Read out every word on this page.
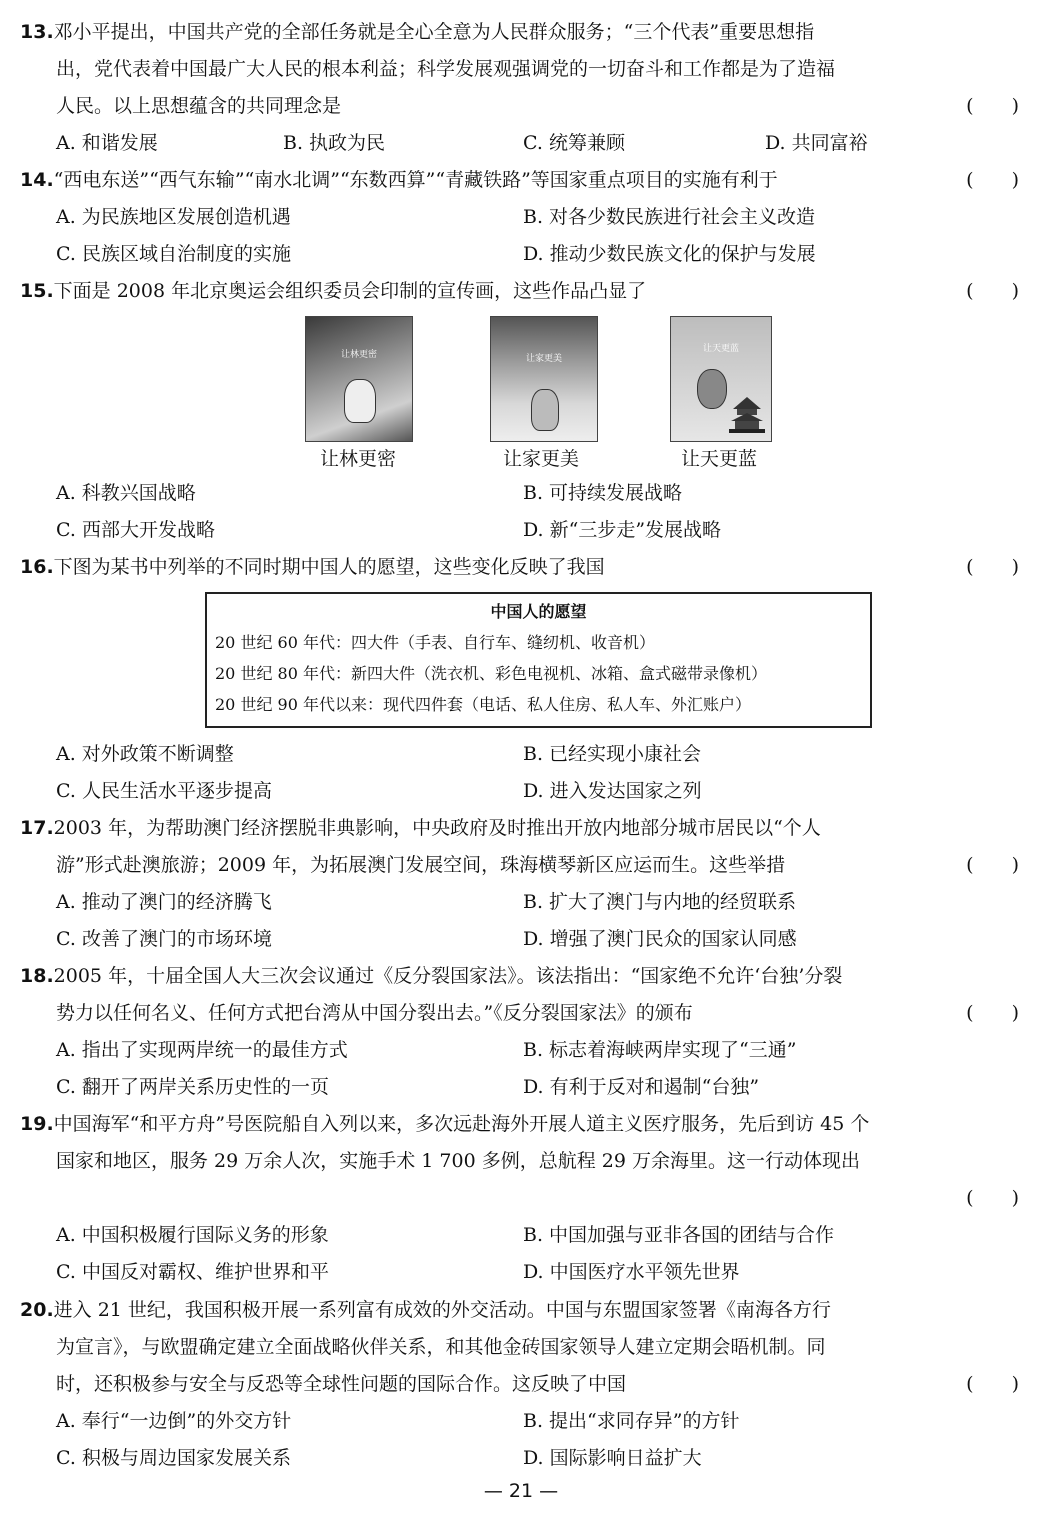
13.邓小平提出，中国共产党的全部任务就是全心全意为人民群众服务；“三个代表”重要思想指
出，党代表着中国最广大人民的根本利益；科学发展观强调党的一切奋斗和工作都是为了造福
人民。以上思想蕴含的共同理念是	(　　)
A. 和谐发展	B. 执政为民	C. 统筹兼顾	D. 共同富裕
14.“西电东送”“西气东输”“南水北调”“东数西算”“青藏铁路”等国家重点项目的实施有利于	(　　)
A. 为民族地区发展创造机遇	B. 对各少数民族进行社会主义改造
C. 民族区域自治制度的实施	D. 推动少数民族文化的保护与发展
15.下面是 2008 年北京奥运会组织委员会印制的宣传画，这些作品凸显了	(　　)
让林更密	让家更美
让天更蓝
让林更密	让家更美	让天更蓝
A. 科教兴国战略	B. 可持续发展战略
C. 西部大开发战略	D. 新“三步走”发展战略
16.下图为某书中列举的不同时期中国人的愿望，这些变化反映了我国	(　　)
中国人的愿望
20 世纪 60 年代：四大件（手表、自行车、缝纫机、收音机）
20 世纪 80 年代：新四大件（洗衣机、彩色电视机、冰箱、盒式磁带录像机）
20 世纪 90 年代以来：现代四件套（电话、私人住房、私人车、外汇账户）
A. 对外政策不断调整	B. 已经实现小康社会
C. 人民生活水平逐步提高	D. 进入发达国家之列
17.2003 年，为帮助澳门经济摆脱非典影响，中央政府及时推出开放内地部分城市居民以“个人
游”形式赴澳旅游；2009 年，为拓展澳门发展空间，珠海横琴新区应运而生。这些举措	(　　)
A. 推动了澳门的经济腾飞	B. 扩大了澳门与内地的经贸联系
C. 改善了澳门的市场环境	D. 增强了澳门民众的国家认同感
18.2005 年，十届全国人大三次会议通过《反分裂国家法》。该法指出：“国家绝不允许‘台独’分裂
势力以任何名义、任何方式把台湾从中国分裂出去。”《反分裂国家法》的颁布	(　　)
A. 指出了实现两岸统一的最佳方式	B. 标志着海峡两岸实现了“三通”
C. 翻开了两岸关系历史性的一页	D. 有利于反对和遏制“台独”
19.中国海军“和平方舟”号医院船自入列以来，多次远赴海外开展人道主义医疗服务，先后到访 45 个
国家和地区，服务 29 万余人次，实施手术 1 700 多例，总航程 29 万余海里。这一行动体现出
(　　)
A. 中国积极履行国际义务的形象	B. 中国加强与亚非各国的团结与合作
C. 中国反对霸权、维护世界和平	D. 中国医疗水平领先世界
20.进入 21 世纪，我国积极开展一系列富有成效的外交活动。中国与东盟国家签署《南海各方行
为宣言》，与欧盟确定建立全面战略伙伴关系，和其他金砖国家领导人建立定期会晤机制。同
时，还积极参与安全与反恐等全球性问题的国际合作。这反映了中国	(　　)
A. 奉行“一边倒”的外交方针	B. 提出“求同存异”的方针
C. 积极与周边国家发展关系	D. 国际影响日益扩大
— 21 —
